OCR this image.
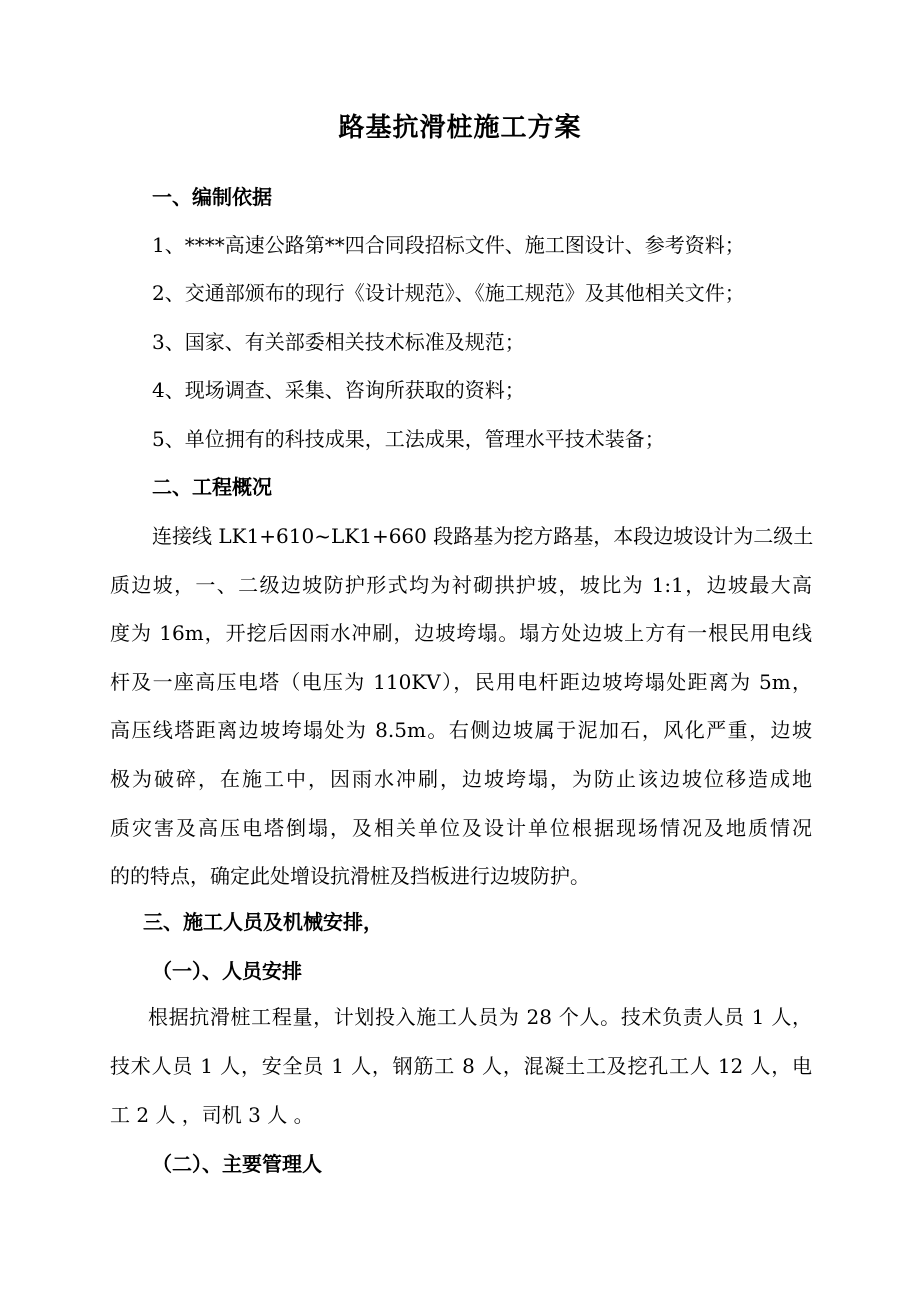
路基抗滑桩施工方案
一、编制依据
1、****高速公路第**四合同段招标文件、施工图设计、参考资料；
2、交通部颁布的现行《设计规范》、《施工规范》及其他相关文件；
3、国家、有关部委相关技术标准及规范；
4、现场调查、采集、咨询所获取的资料；
5、单位拥有的科技成果，工法成果，管理水平技术装备；
二、工程概况
连接线 LK1+610~LK1+660 段路基为挖方路基，本段边坡设计为二级土
质边坡，一、二级边坡防护形式均为衬砌拱护坡，坡比为 1:1，边坡最大高
度为 16m，开挖后因雨水冲刷，边坡垮塌。塌方处边坡上方有一根民用电线
杆及一座高压电塔（电压为 110KV），民用电杆距边坡垮塌处距离为 5m，
高压线塔距离边坡垮塌处为 8.5m。右侧边坡属于泥加石，风化严重，边坡
极为破碎，在施工中，因雨水冲刷，边坡垮塌，为防止该边坡位移造成地
质灾害及高压电塔倒塌，及相关单位及设计单位根据现场情况及地质情况
的的特点，确定此处增设抗滑桩及挡板进行边坡防护。
三、施工人员及机械安排，
（一）、人员安排
根据抗滑桩工程量，计划投入施工人员为 28 个人。技术负责人员 1 人，
技术人员 1 人，安全员 1 人，钢筋工 8 人，混凝土工及挖孔工人 12 人，电
工 2 人 ，司机 3 人 。
（二）、主要管理人
